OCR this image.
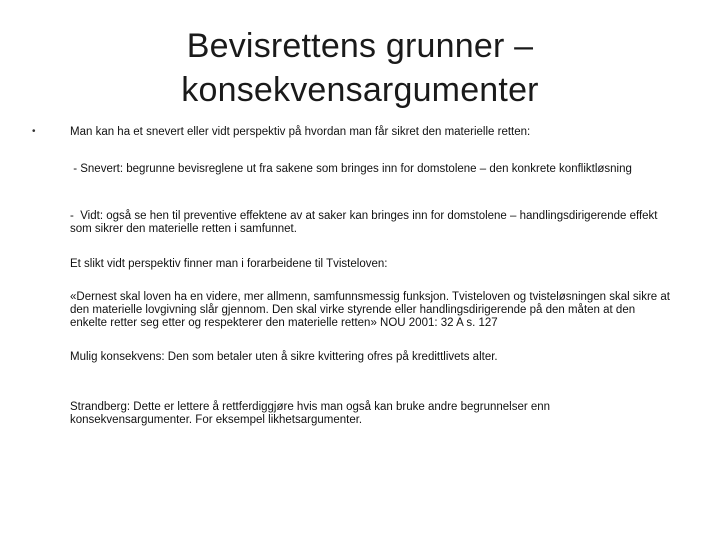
Bevisrettens grunner –
konsekvensargumenter
•	Man kan ha et snevert eller vidt perspektiv på hvordan man får sikret den materielle retten:
- Snevert: begrunne bevisreglene ut fra sakene som bringes inn for domstolene – den konkrete konfliktløsning
-  Vidt: også se hen til preventive effektene av at saker kan bringes inn for domstolene – handlingsdirigerende effekt som sikrer den materielle retten i samfunnet.
Et slikt vidt perspektiv finner man i forarbeidene til Tvisteloven:
«Dernest skal loven ha en videre, mer allmenn, samfunnsmessig funksjon. Tvisteloven og tvisteløsningen skal sikre at den materielle lovgivning slår gjennom. Den skal virke styrende eller handlingsdirigerende på den måten at den enkelte retter seg etter og respekterer den materielle retten» NOU 2001: 32 A s. 127
Mulig konsekvens: Den som betaler uten å sikre kvittering ofres på kredittlivets alter.
Strandberg: Dette er lettere å rettferdiggjøre hvis man også kan bruke andre begrunnelser enn konsekvensargumenter. For eksempel likhetsargumenter.
